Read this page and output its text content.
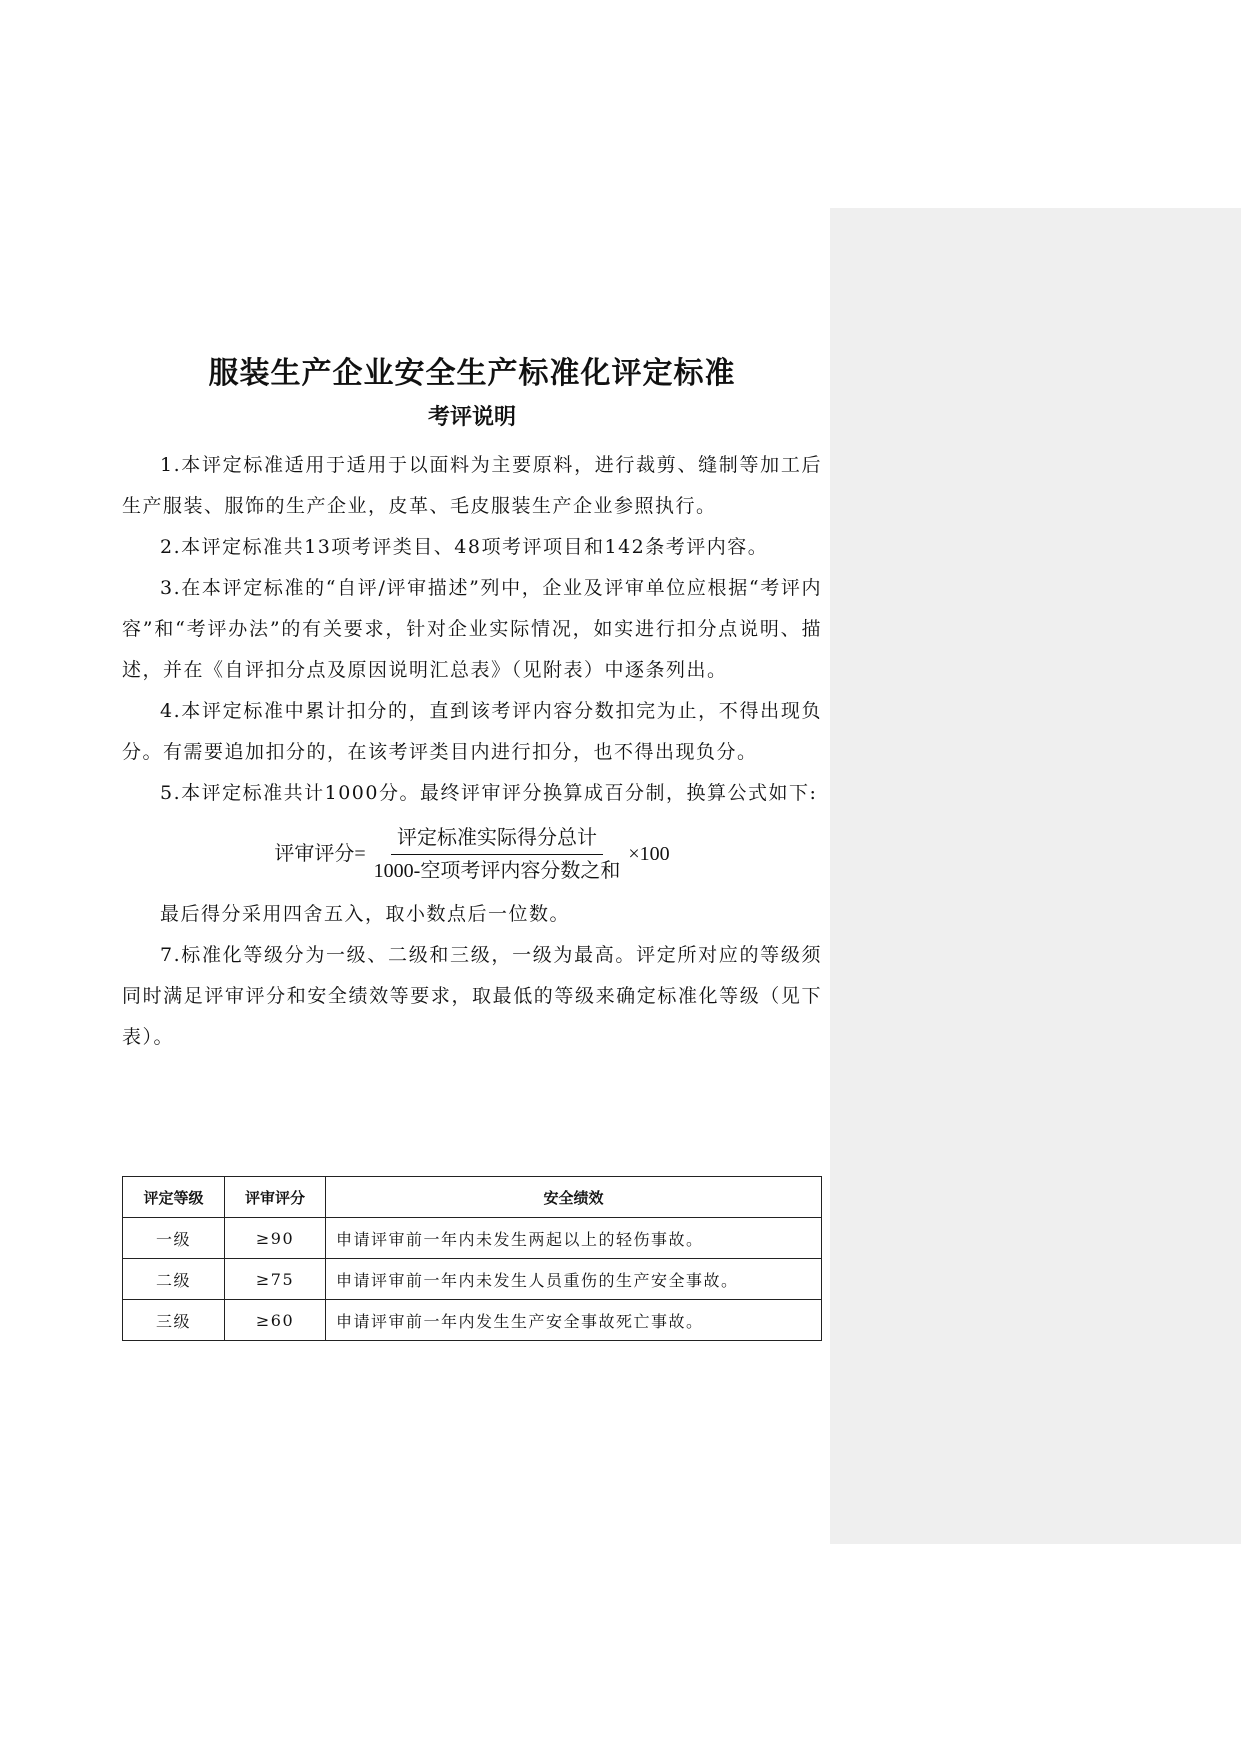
服装生产企业安全生产标准化评定标准
考评说明

1.本评定标准适用于适用于以面料为主要原料，进行裁剪、缝制等加工后生产服装、服饰的生产企业，皮革、毛皮服装生产企业参照执行。

2.本评定标准共13项考评类目、48项考评项目和142条考评内容。

3.在本评定标准的“自评/评审描述”列中，企业及评审单位应根据“考评内容”和“考评办法”的有关要求，针对企业实际情况，如实进行扣分点说明、描述，并在《自评扣分点及原因说明汇总表》（见附表）中逐条列出。

4.本评定标准中累计扣分的，直到该考评内容分数扣完为止，不得出现负分。有需要追加扣分的，在该考评类目内进行扣分，也不得出现负分。

5.本评定标准共计1000分。最终评审评分换算成百分制，换算公式如下:

评审评分= $\frac{\text{评定标准实际得分总计}}{\text{1000-空项考评内容分数之和}} \times 100$

最后得分采用四舍五入，取小数点后一位数。

7.标准化等级分为一级、二级和三级，一级为最高。评定所对应的等级须同时满足评审评分和安全绩效等要求，取最低的等级来确定标准化等级（见下表）。

评定等级	评审评分	安全绩效
一级	≥90	申请评审前一年内未发生两起以上的轻伤事故。
二级	≥75	申请评审前一年内未发生人员重伤的生产安全事故。
三级	≥60	申请评审前一年内发生生产安全事故死亡事故。
